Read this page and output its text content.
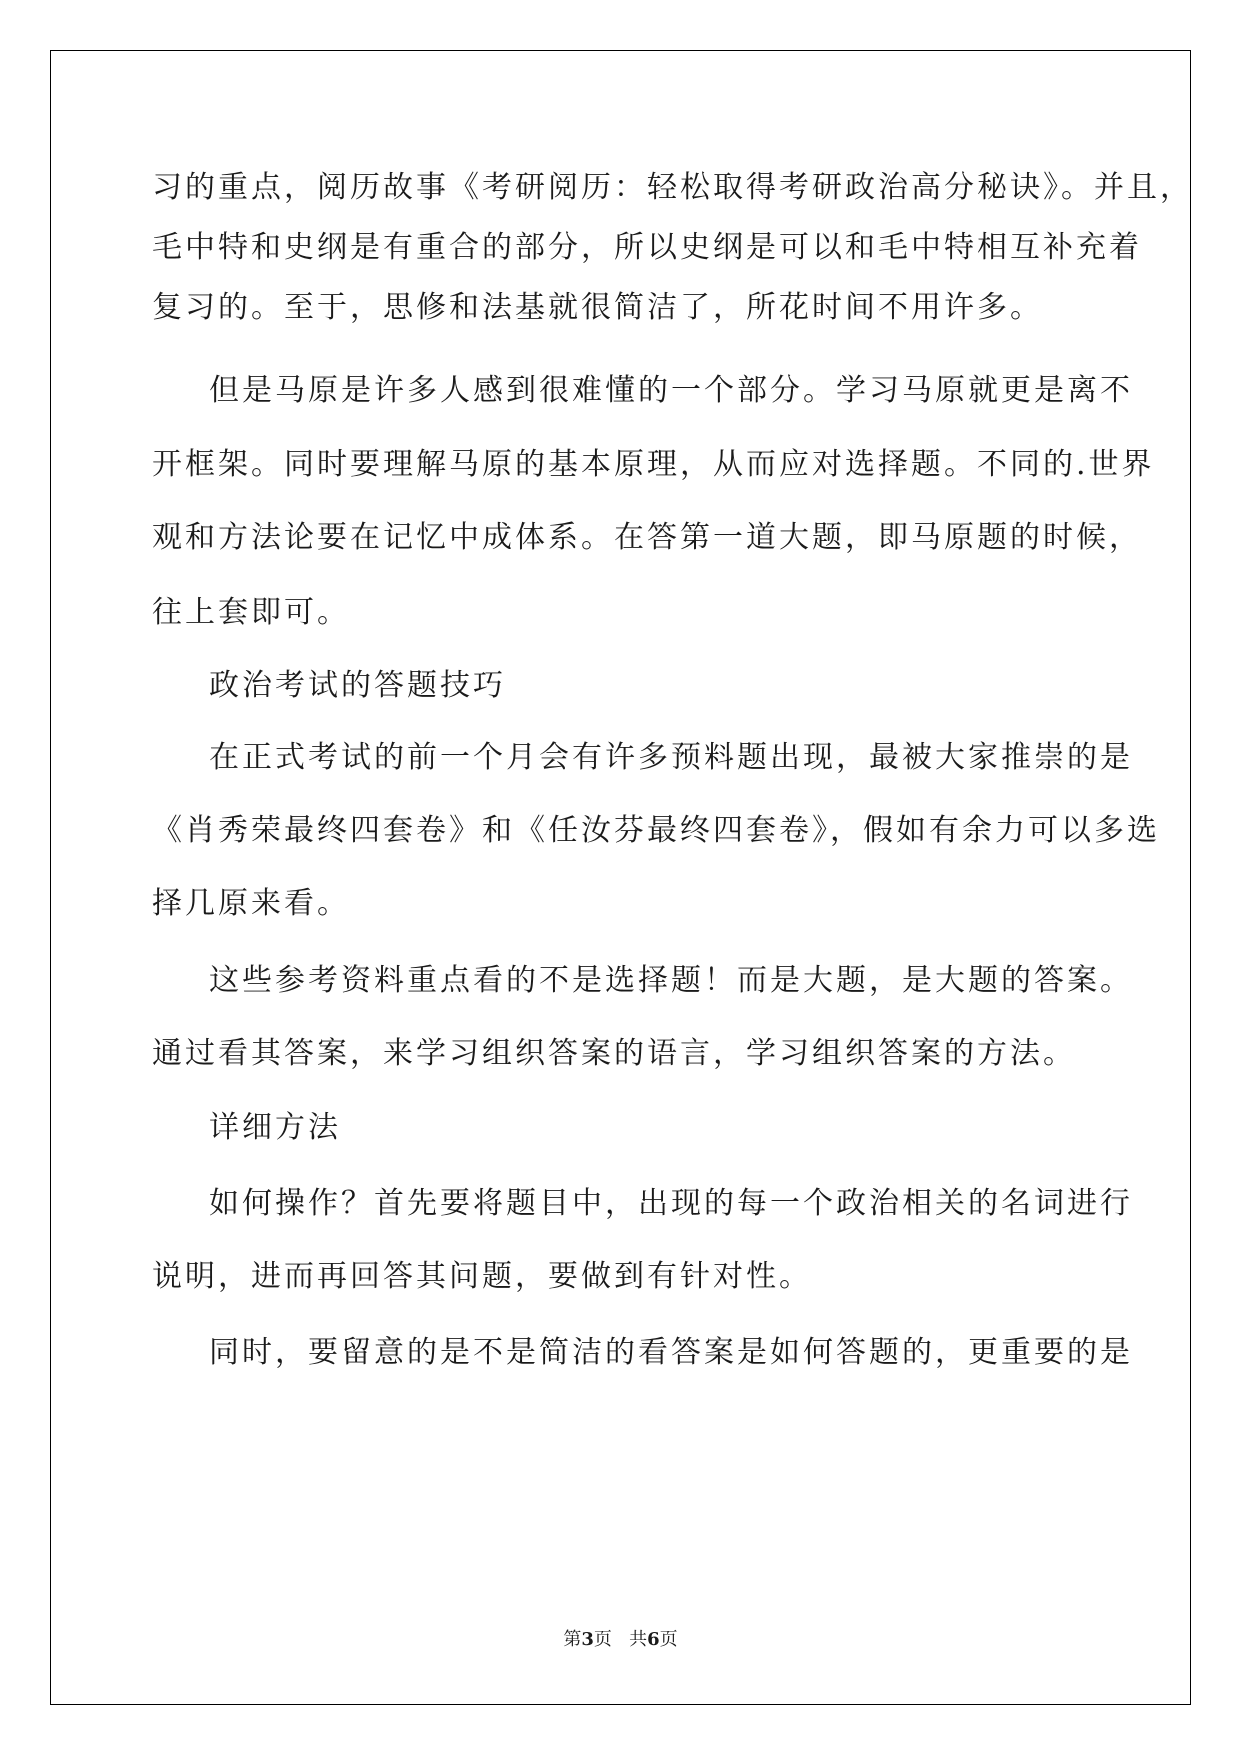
习的重点，阅历故事《考研阅历：轻松取得考研政治高分秘诀》。并且，
毛中特和史纲是有重合的部分，所以史纲是可以和毛中特相互补充着
复习的。至于，思修和法基就很简洁了，所花时间不用许多。
但是马原是许多人感到很难懂的一个部分。学习马原就更是离不
开框架。同时要理解马原的基本原理，从而应对选择题。不同的.世界
观和方法论要在记忆中成体系。在答第一道大题，即马原题的时候，
往上套即可。
政治考试的答题技巧
在正式考试的前一个月会有许多预料题出现，最被大家推崇的是
《肖秀荣最终四套卷》和《任汝芬最终四套卷》，假如有余力可以多选
择几原来看。
这些参考资料重点看的不是选择题！而是大题，是大题的答案。
通过看其答案，来学习组织答案的语言，学习组织答案的方法。
详细方法
如何操作？首先要将题目中，出现的每一个政治相关的名词进行
说明，进而再回答其问题，要做到有针对性。
同时，要留意的是不是简洁的看答案是如何答题的，更重要的是
第3页 共6页
